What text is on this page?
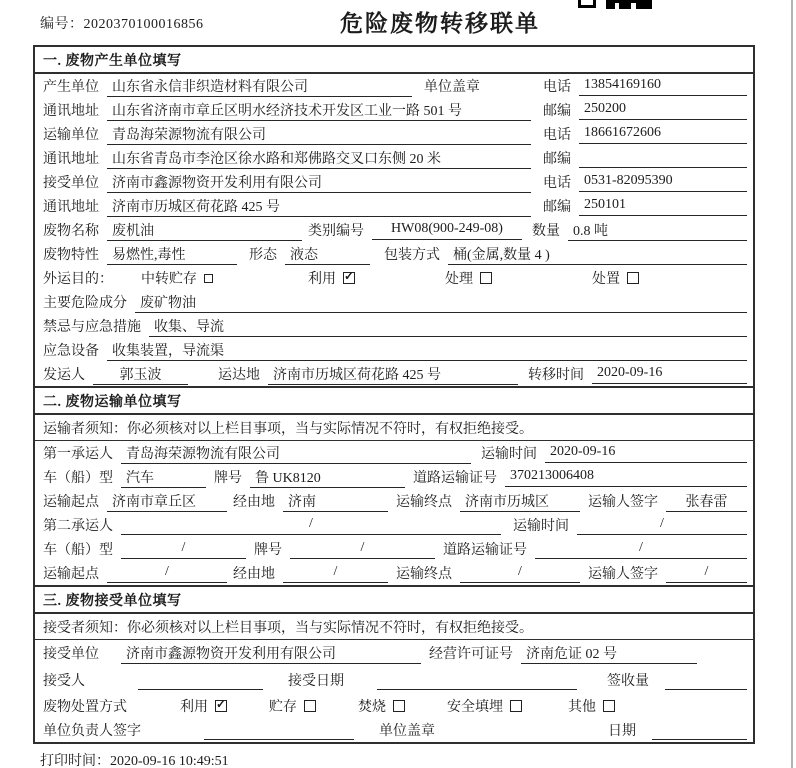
编号：2020370100016856	危险废物转移联单
一. 废物产生单位填写
产生单位 山东省永信非织造材料有限公司	单位盖章	电话 13854169160
通讯地址 山东省济南市章丘区明水经济技术开发区工业一路 501 号	邮编 250200
运输单位 青岛海荣源物流有限公司	电话 18661672606
通讯地址 山东省青岛市李沧区徐水路和郑佛路交叉口东侧 20 米	邮编
接受单位 济南市鑫源物资开发利用有限公司	电话 0531-82095390
通讯地址 济南市历城区荷花路 425 号	邮编 250101
废物名称 废机油	类别编号	HW08(900-249-08)	数量 0.8 吨
废物特性 易燃性,毒性	形态 液态	包装方式 桶(金属,数量 4 )
外运目的： 中转贮存	利用 ✓	处理	处置
主要危险成分 废矿物油
禁忌与应急措施 收集、导流
应急设备 收集装置，导流渠
发运人	郭玉波	运达地 济南市历城区荷花路 425 号	转移时间 2020-09-16
二. 废物运输单位填写
运输者须知：你必须核对以上栏目事项，当与实际情况不符时，有权拒绝接受。
第一承运人 青岛海荣源物流有限公司	运输时间 2020-09-16
车（船）型 汽车	牌号 鲁 UK8120	道路运输证号 370213006408
运输起点 济南市章丘区	经由地 济南	运输终点 济南市历城区	运输人签字	张春雷
第二承运人	/	运输时间	/
车（船）型	/	牌号	/	道路运输证号	/
运输起点	/	经由地	/	运输终点	/	运输人签字	/
三. 废物接受单位填写
接受者须知：你必须核对以上栏目事项，当与实际情况不符时，有权拒绝接受。
接受单位	济南市鑫源物资开发利用有限公司	经营许可证号 济南危证 02 号
接受人	接受日期	签收量
废物处置方式	利用 ✓	贮存	焚烧	安全填埋	其他
单位负责人签字	单位盖章	日期
打印时间：2020-09-16 10:49:51
